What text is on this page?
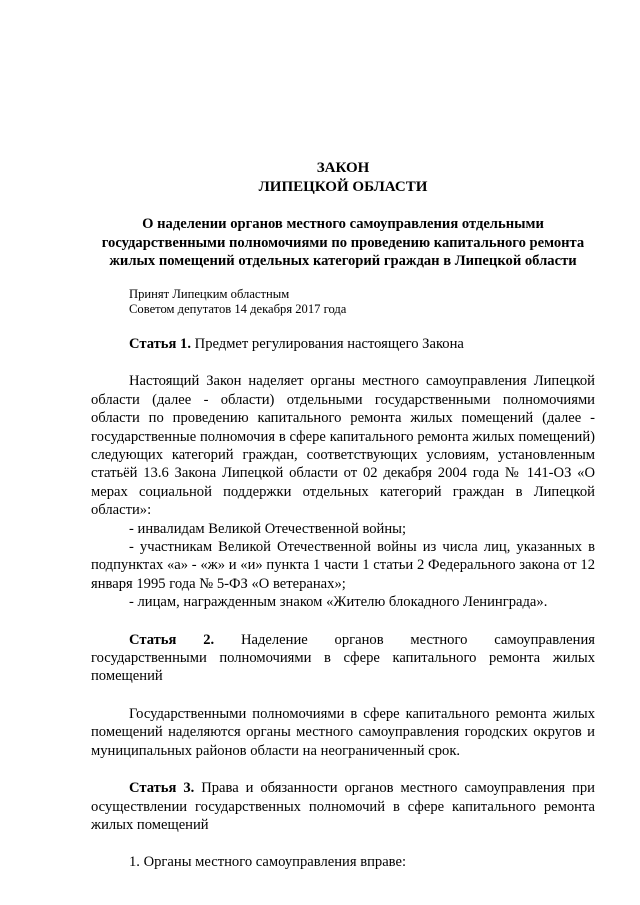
ЗАКОН
ЛИПЕЦКОЙ ОБЛАСТИ
О наделении органов местного самоуправления отдельными государственными полномочиями по проведению капитального ремонта жилых помещений отдельных категорий граждан в Липецкой области
Принят Липецким областным
Советом депутатов 14 декабря 2017 года

Статья 1. Предмет регулирования настоящего Закона

Настоящий Закон наделяет органы местного самоуправления Липецкой области (далее - области) отдельными государственными полномочиями области по проведению капитального ремонта жилых помещений (далее - государственные полномочия в сфере капитального ремонта жилых помещений) следующих категорий граждан, соответствующих условиям, установленным статьёй 13.6 Закона Липецкой области от 02 декабря 2004 года № 141-ОЗ «О мерах социальной поддержки отдельных категорий граждан в Липецкой области»:

- инвалидам Великой Отечественной войны;

- участникам Великой Отечественной войны из числа лиц, указанных в подпунктах «а» - «ж» и «и» пункта 1 части 1 статьи 2 Федерального закона от 12 января 1995 года № 5-ФЗ «О ветеранах»;

- лицам, награжденным знаком «Жителю блокадного Ленинграда».

Статья 2. Наделение органов местного самоуправления государственными полномочиями в сфере капитального ремонта жилых помещений

Государственными полномочиями в сфере капитального ремонта жилых помещений наделяются органы местного самоуправления городских округов и муниципальных районов области на неограниченный срок.

Статья 3. Права и обязанности органов местного самоуправления при осуществлении государственных полномочий в сфере капитального ремонта жилых помещений

1. Органы местного самоуправления вправе:
